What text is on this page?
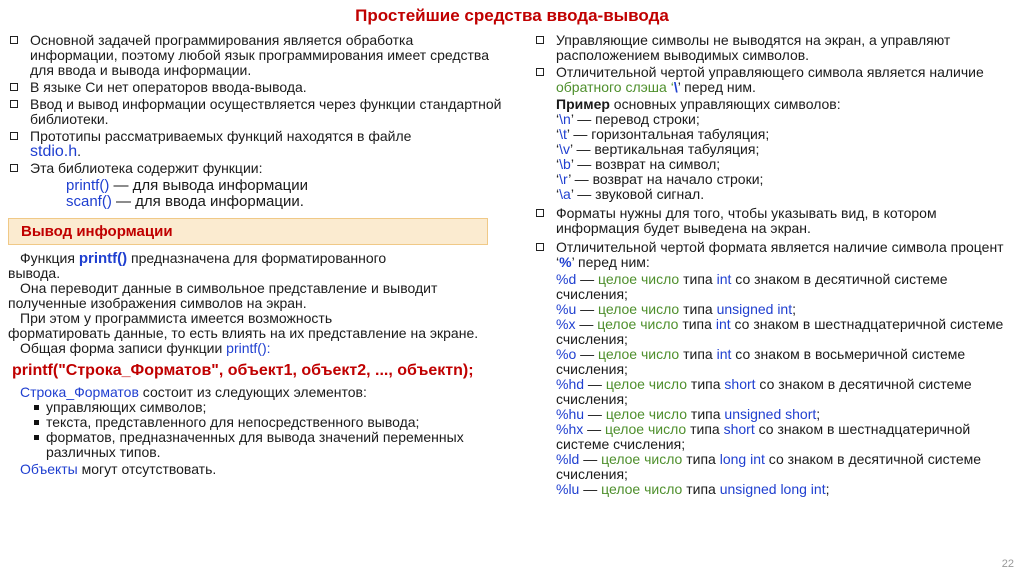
Простейшие средства ввода-вывода
Основной задачей программирования является обработка информации, поэтому любой язык программирования имеет средства для ввода и вывода информации.
В языке Си нет операторов ввода-вывода.
Ввод и вывод информации осуществляется через функции стандартной библиотеки.
Прототипы рассматриваемых функций находятся в файле
stdio.h.
Эта библиотека содержит функции:
printf() — для вывода информации
scanf() — для ввода информации.
Вывод информации
Функция printf() предназначена для форматированного
вывода.
Она переводит данные в символьное представление и выводит
полученные изображения символов на экран.
При этом у программиста имеется возможность
форматировать данные, то есть влиять на их представление на экране.
Общая форма записи функции printf():
printf("Строка_Форматов", объект1, объект2, ..., объектn);
Строка_Форматов состоит из следующих элементов:
управляющих символов;
текста, представленного для непосредственного вывода;
форматов, предназначенных для вывода значений переменных различных типов.
Объекты могут отсутствовать.
Управляющие символы не выводятся на экран, а управляют расположением выводимых символов.
Отличительной чертой управляющего символа является наличие обратного слэша ‘\’ перед ним.
Пример основных управляющих символов:
‘\n’ — перевод строки;
‘\t’ — горизонтальная табуляция;
‘\v’ — вертикальная табуляция;
‘\b’ — возврат на символ;
‘\r’ — возврат на начало строки;
‘\a’ — звуковой сигнал.
Форматы нужны для того, чтобы указывать вид, в котором информация будет выведена на экран.
Отличительной чертой формата является наличие символа процент ‘%’ перед ним:
%d — целое число типа int со знаком в десятичной системе счисления;
%u — целое число типа unsigned int;
%x — целое число типа int со знаком в шестнадцатеричной системе счисления;
%o — целое число типа int со знаком в восьмеричной системе счисления;
%hd — целое число типа short со знаком в десятичной системе счисления;
%hu — целое число типа unsigned short;
%hx — целое число типа short со знаком в шестнадцатеричной системе счисления;
%ld — целое число типа long int со знаком в десятичной системе счисления;
%lu — целое число типа unsigned long int;
22
